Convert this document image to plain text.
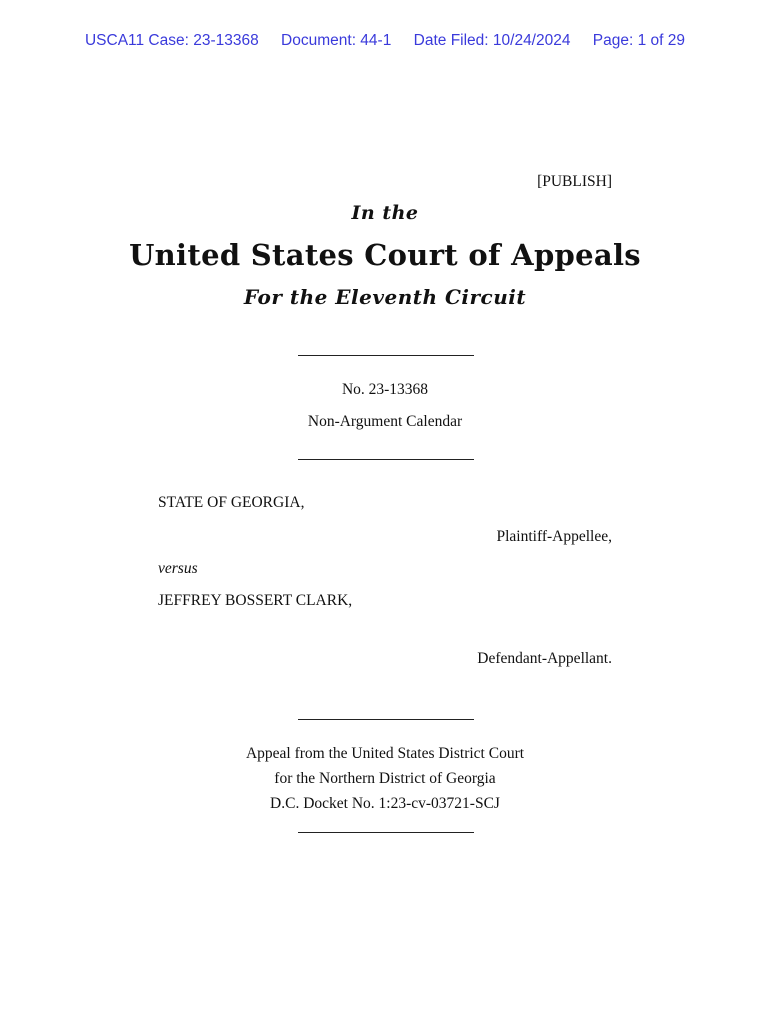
USCA11 Case: 23-13368 Document: 44-1 Date Filed: 10/24/2024 Page: 1 of 29
[PUBLISH]
In the
United States Court of Appeals
For the Eleventh Circuit
No. 23-13368
Non-Argument Calendar
STATE OF GEORGIA,
Plaintiff-Appellee,
versus
JEFFREY BOSSERT CLARK,
Defendant-Appellant.
Appeal from the United States District Court
for the Northern District of Georgia
D.C. Docket No. 1:23-cv-03721-SCJ
